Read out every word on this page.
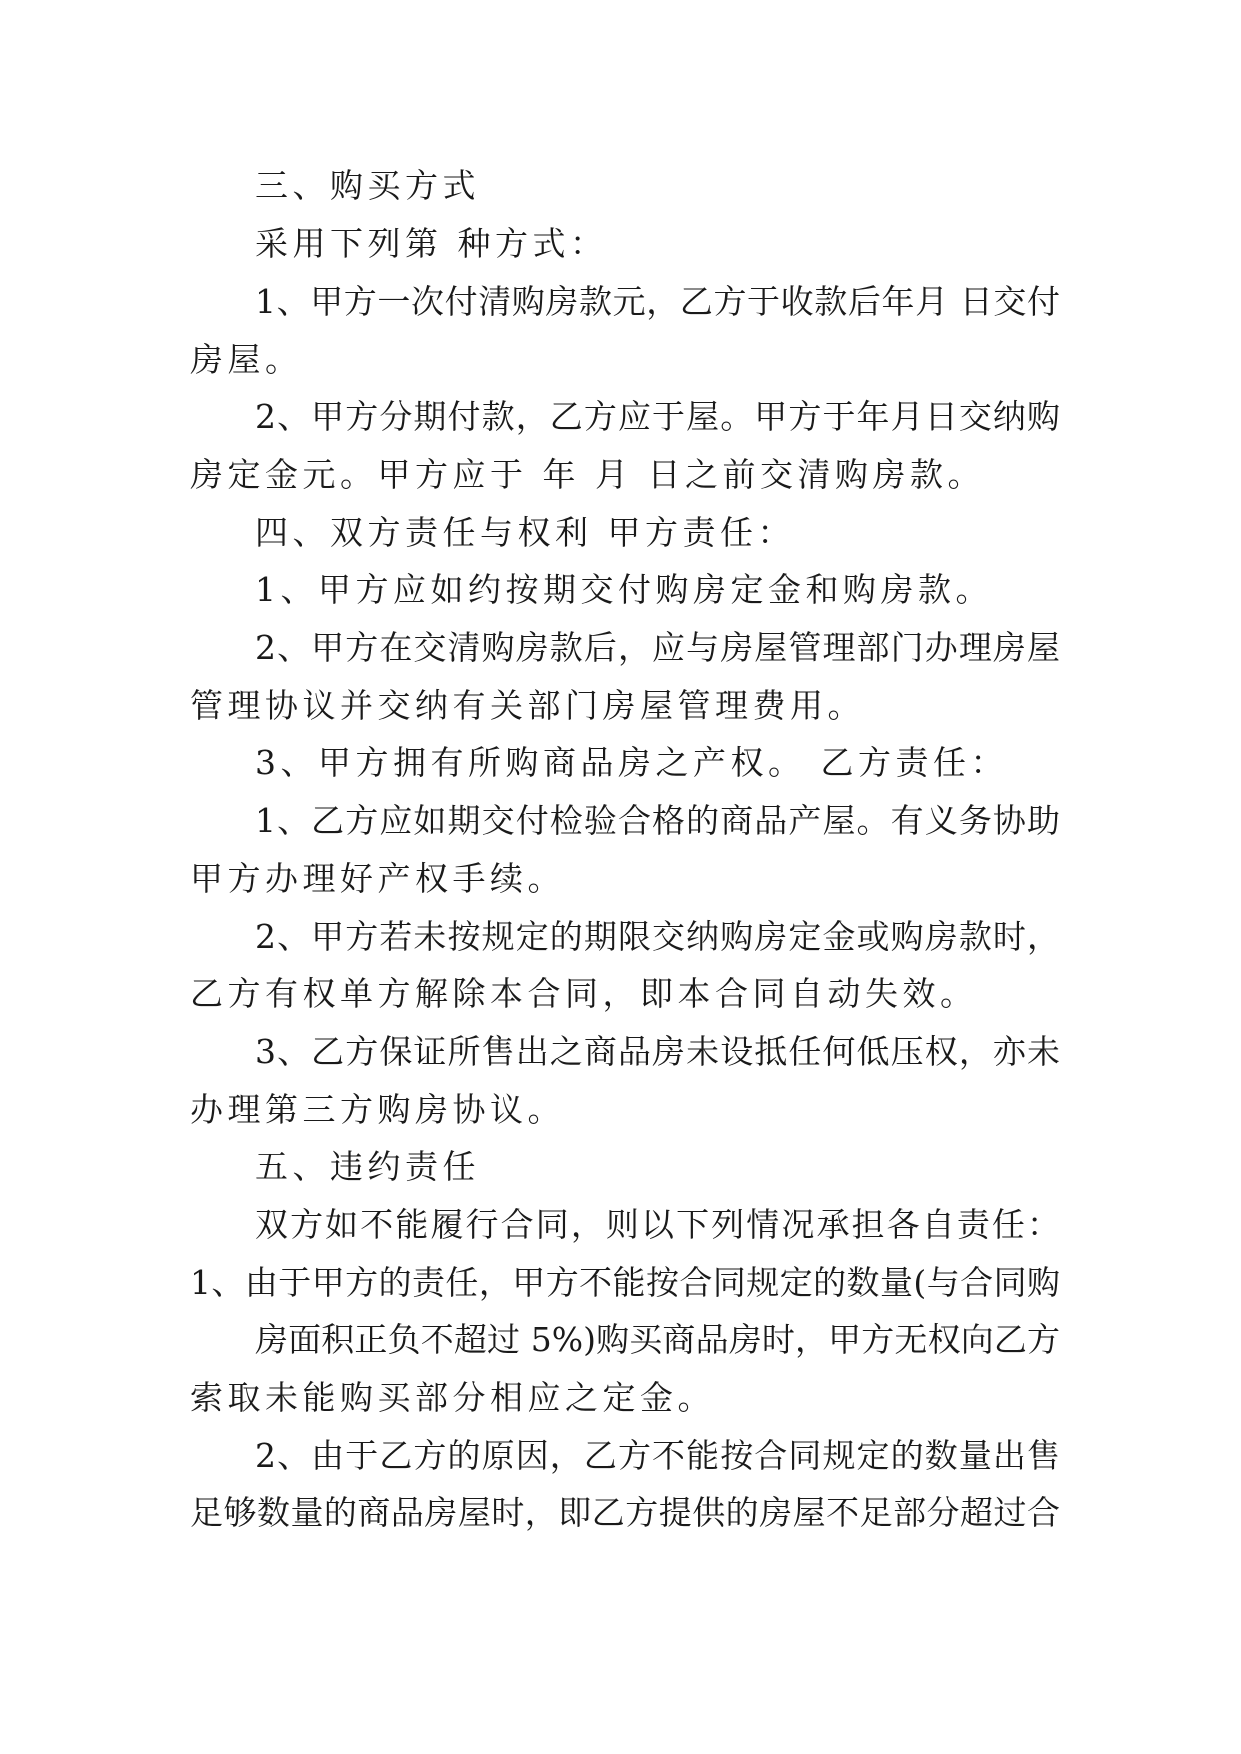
三、购买方式

采用下列第 种方式：

1、甲方一次付清购房款元，乙方于收款后年月 日交付

房屋。

2、甲方分期付款，乙方应于屋。甲方于年月日交纳购

房定金元。甲方应于 年 月 日之前交清购房款。

四、双方责任与权利 甲方责任：

1、甲方应如约按期交付购房定金和购房款。

2、甲方在交清购房款后，应与房屋管理部门办理房屋

管理协议并交纳有关部门房屋管理费用。

3、甲方拥有所购商品房之产权。 乙方责任：

1、乙方应如期交付检验合格的商品产屋。有义务协助

甲方办理好产权手续。

2、甲方若未按规定的期限交纳购房定金或购房款时，

乙方有权单方解除本合同，即本合同自动失效。

3、乙方保证所售出之商品房未设抵任何低压权，亦未

办理第三方购房协议。

五、违约责任

双方如不能履行合同，则以下列情况承担各自责任：

1、由于甲方的责任，甲方不能按合同规定的数量(与合同购

房面积正负不超过 5%)购买商品房时，甲方无权向乙方

索取未能购买部分相应之定金。

2、由于乙方的原因，乙方不能按合同规定的数量出售

足够数量的商品房屋时，即乙方提供的房屋不足部分超过合
